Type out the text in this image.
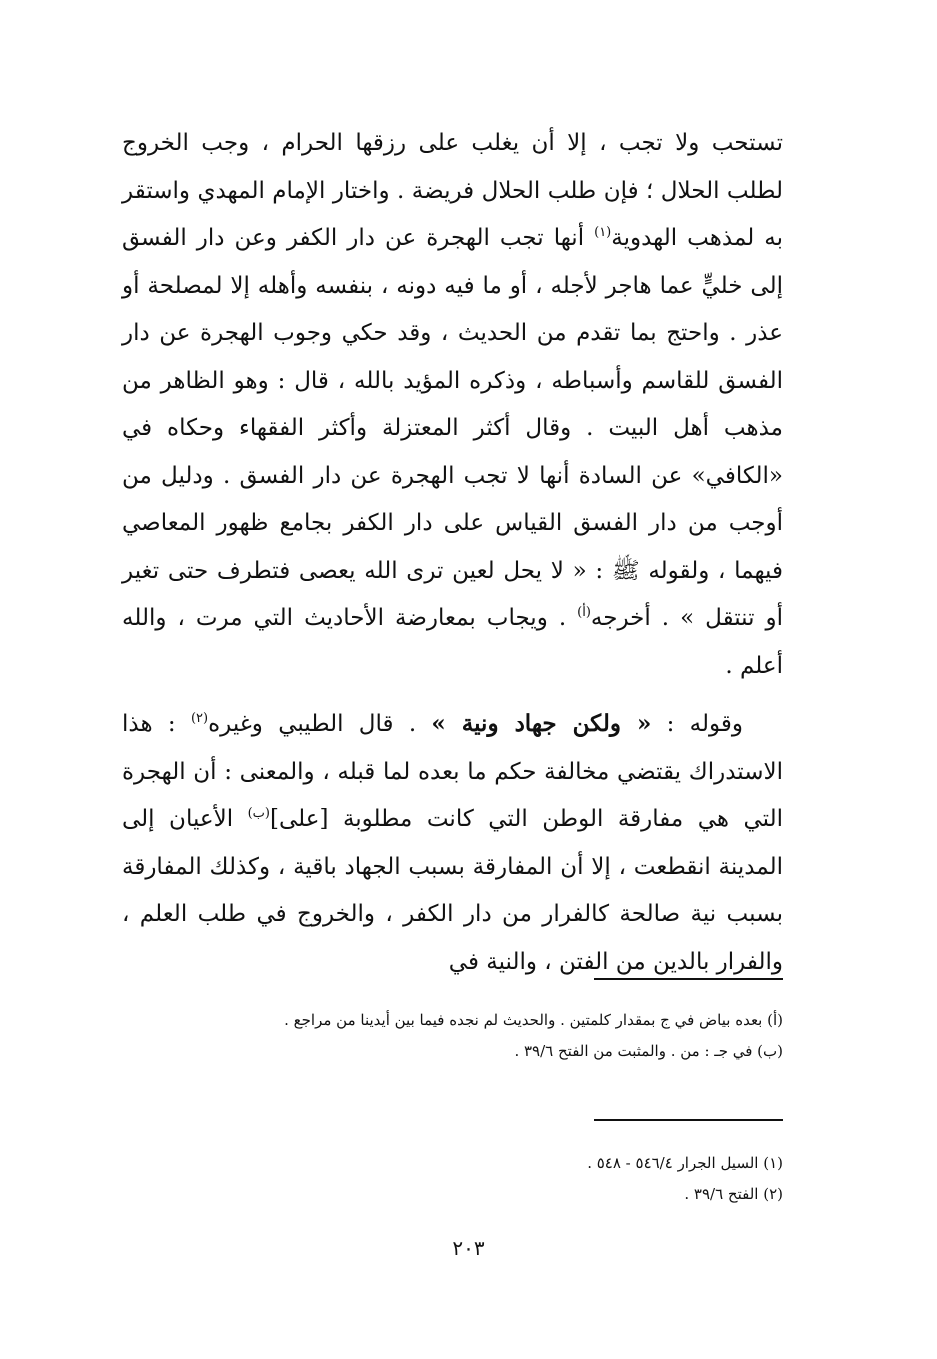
تستحب ولا تجب ، إلا أن يغلب على رزقها الحرام ، وجب الخروج لطلب الحلال ؛ فإن طلب الحلال فريضة . واختار الإمام المهدي واستقر به لمذهب الهدوية$^{(١)}$ أنها تجب الهجرة عن دار الكفر وعن دار الفسق إلى خليٍّ عما هاجر لأجله ، أو ما فيه دونه ، بنفسه وأهله إلا لمصلحة أو عذر . واحتج بما تقدم من الحديث ، وقد حكي وجوب الهجرة عن دار الفسق للقاسم وأسباطه ، وذكره المؤيد بالله ، قال : وهو الظاهر من مذهب أهل البيت . وقال أكثر المعتزلة وأكثر الفقهاء وحكاه في «الكافي» عن السادة أنها لا تجب الهجرة عن دار الفسق . ودليل من أوجب من دار الفسق القياس على دار الكفر بجامع ظهور المعاصي فيهما ، ولقوله ﷺ : « لا يحل لعين ترى الله يعصى فتطرف حتى تغير أو تنتقل » . أخرجه$^{(أ)}$ . ويجاب بمعارضة الأحاديث التي مرت ، والله أعلم .

وقوله : « ولكن جهاد ونية » . قال الطيبي وغيره$^{(٢)}$ : هذا الاستدراك يقتضي مخالفة حكم ما بعده لما قبله ، والمعنى : أن الهجرة التي هي مفارقة الوطن التي كانت مطلوبة [على]$^{(ب)}$ الأعيان إلى المدينة انقطعت ، إلا أن المفارقة بسبب الجهاد باقية ، وكذلك المفارقة بسبب نية صالحة كالفرار من دار الكفر ، والخروج في طلب العلم ، والفرار بالدين من الفتن ، والنية في

(أ) بعده بياض في ج بمقدار كلمتين . والحديث لم نجده فيما بين أيدينا من مراجع .
(ب) في جـ : من . والمثبت من الفتح ٣٩/٦ .
(١) السيل الجرار ٥٤٦/٤ - ٥٤٨ .
(٢) الفتح ٣٩/٦ .
٢٠٣
